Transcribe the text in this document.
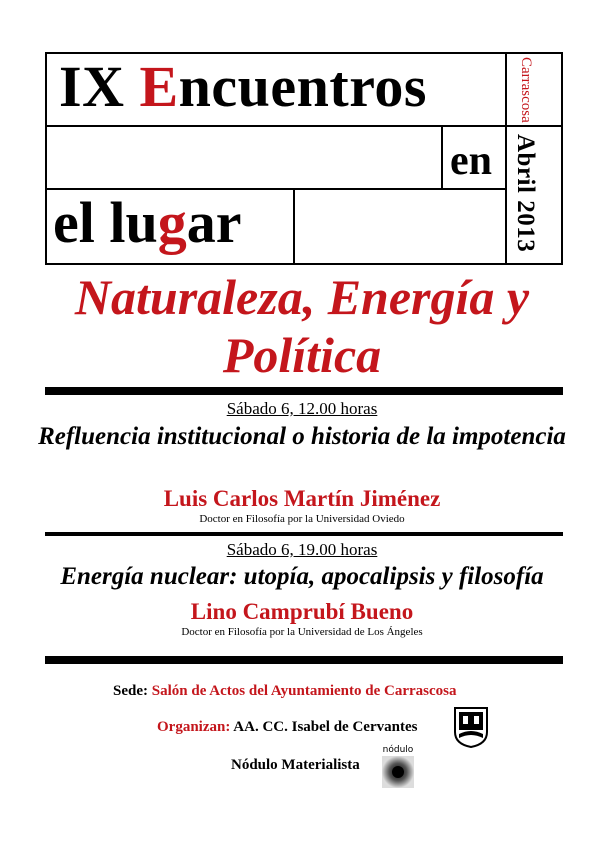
IX Encuentros
en
el lugar
Carrascosa
Abril 2013
Naturaleza, Energía y Política
Sábado 6, 12.00 horas
Refluencia institucional o historia de la impotencia
Luis Carlos Martín Jiménez
Doctor en Filosofía por la Universidad Oviedo
Sábado 6, 19.00 horas
Energía nuclear: utopía, apocalipsis y filosofía
Lino Camprubí Bueno
Doctor en Filosofía por la Universidad de Los Ángeles
Sede: Salón de Actos del Ayuntamiento de Carrascosa
Organizan: AA. CC. Isabel de Cervantes
Nódulo Materialista
nódulo
